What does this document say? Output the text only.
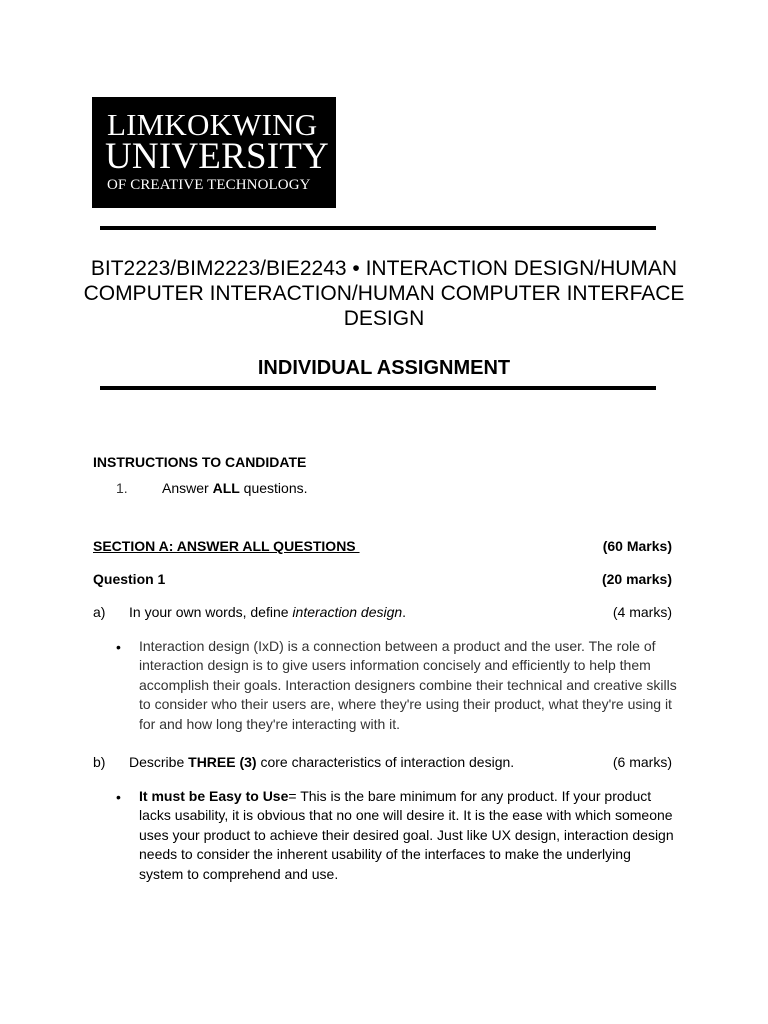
LIMKOKWING
UNIVERSITY
OF CREATIVE TECHNOLOGY
BIT2223/BIM2223/BIE2243 • INTERACTION DESIGN/HUMAN COMPUTER INTERACTION/HUMAN COMPUTER INTERFACE DESIGN
INDIVIDUAL ASSIGNMENT
INSTRUCTIONS TO CANDIDATE
1. Answer ALL questions.
SECTION A: ANSWER ALL QUESTIONS	(60 Marks)
Question 1	(20 marks)
a) In your own words, define interaction design.	(4 marks)
• Interaction design (IxD) is a connection between a product and the user. The role of interaction design is to give users information concisely and efficiently to help them accomplish their goals. Interaction designers combine their technical and creative skills to consider who their users are, where they're using their product, what they're using it for and how long they're interacting with it.
b) Describe THREE (3) core characteristics of interaction design.	(6 marks)
• It must be Easy to Use= This is the bare minimum for any product. If your product lacks usability, it is obvious that no one will desire it. It is the ease with which someone uses your product to achieve their desired goal. Just like UX design, interaction design needs to consider the inherent usability of the interfaces to make the underlying system to comprehend and use.
